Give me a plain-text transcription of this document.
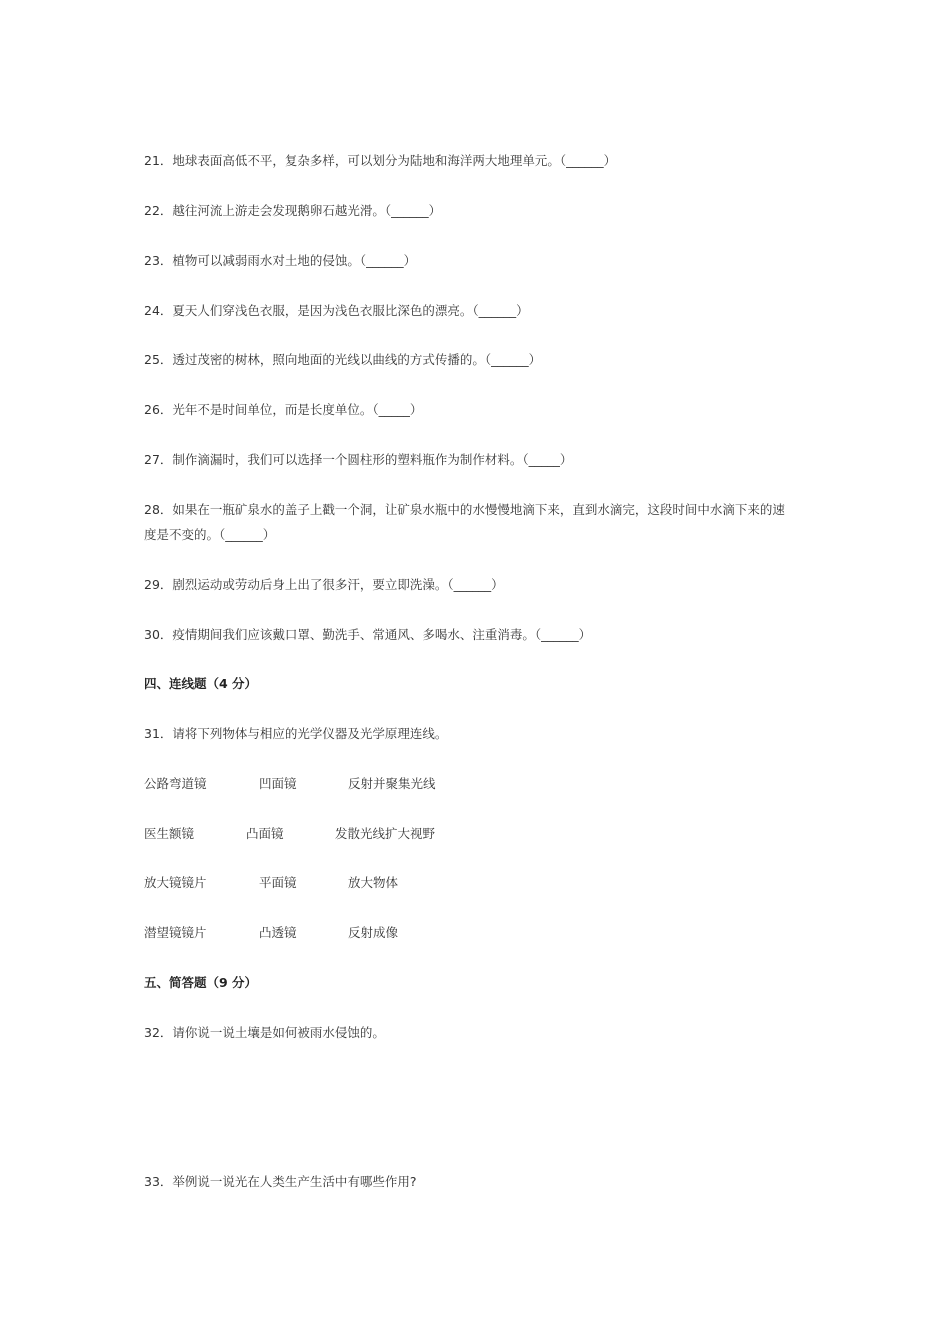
21．地球表面高低不平，复杂多样，可以划分为陆地和海洋两大地理单元。（______）
22．越往河流上游走会发现鹅卵石越光滑。（______）
23．植物可以减弱雨水对土地的侵蚀。（______）
24．夏天人们穿浅色衣服，是因为浅色衣服比深色的漂亮。（______）
25．透过茂密的树林，照向地面的光线以曲线的方式传播的。（______）
26．光年不是时间单位，而是长度单位。（_____）
27．制作滴漏时，我们可以选择一个圆柱形的塑料瓶作为制作材料。（_____）
28．如果在一瓶矿泉水的盖子上戳一个洞，让矿泉水瓶中的水慢慢地滴下来，直到水滴完，这段时间中水滴下来的速
度是不变的。（______）
29．剧烈运动或劳动后身上出了很多汗，要立即洗澡。（______）
30．疫情期间我们应该戴口罩、勤洗手、常通风、多喝水、注重消毒。（______）
四、连线题（4 分）
31．请将下列物体与相应的光学仪器及光学原理连线。
公路弯道镜	凹面镜	反射并聚集光线
医生额镜	凸面镜	发散光线扩大视野
放大镜镜片	平面镜	放大物体
潜望镜镜片	凸透镜	反射成像
五、简答题（9 分）
32．请你说一说土壤是如何被雨水侵蚀的。
33．举例说一说光在人类生产生活中有哪些作用?
